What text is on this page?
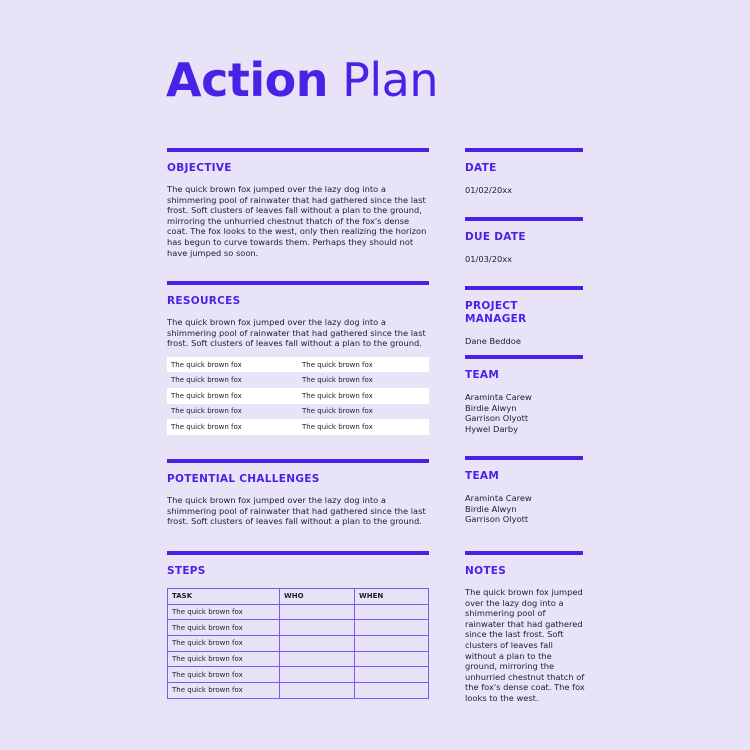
Action Plan
OBJECTIVE
The quick brown fox jumped over the lazy dog into a shimmering pool of rainwater that had gathered since the last frost. Soft clusters of leaves fall without a plan to the ground, mirroring the unhurried chestnut thatch of the fox's dense coat. The fox looks to the west, only then realizing the horizon has begun to curve towards them. Perhaps they should not have jumped so soon.
RESOURCES
The quick brown fox jumped over the lazy dog into a shimmering pool of rainwater that had gathered since the last frost. Soft clusters of leaves fall without a plan to the ground.
The quick brown fox	The quick brown fox
The quick brown fox	The quick brown fox
The quick brown fox	The quick brown fox
The quick brown fox	The quick brown fox
The quick brown fox	The quick brown fox
POTENTIAL CHALLENGES
The quick brown fox jumped over the lazy dog into a shimmering pool of rainwater that had gathered since the last frost. Soft clusters of leaves fall without a plan to the ground.
STEPS
TASK	WHO	WHEN
The quick brown fox		
The quick brown fox		
The quick brown fox		
The quick brown fox		
The quick brown fox		
The quick brown fox		
DATE
01/02/20xx
DUE DATE
01/03/20xx
PROJECT MANAGER
Dane Beddoe
TEAM
Araminta Carew
Birdie Alwyn
Garrison Olyott
Hywel Darby
TEAM
Araminta Carew
Birdie Alwyn
Garrison Olyott
NOTES
The quick brown fox jumped over the lazy dog into a shimmering pool of rainwater that had gathered since the last frost. Soft clusters of leaves fall without a plan to the ground, mirroring the unhurried chestnut thatch of the fox's dense coat. The fox looks to the west.
